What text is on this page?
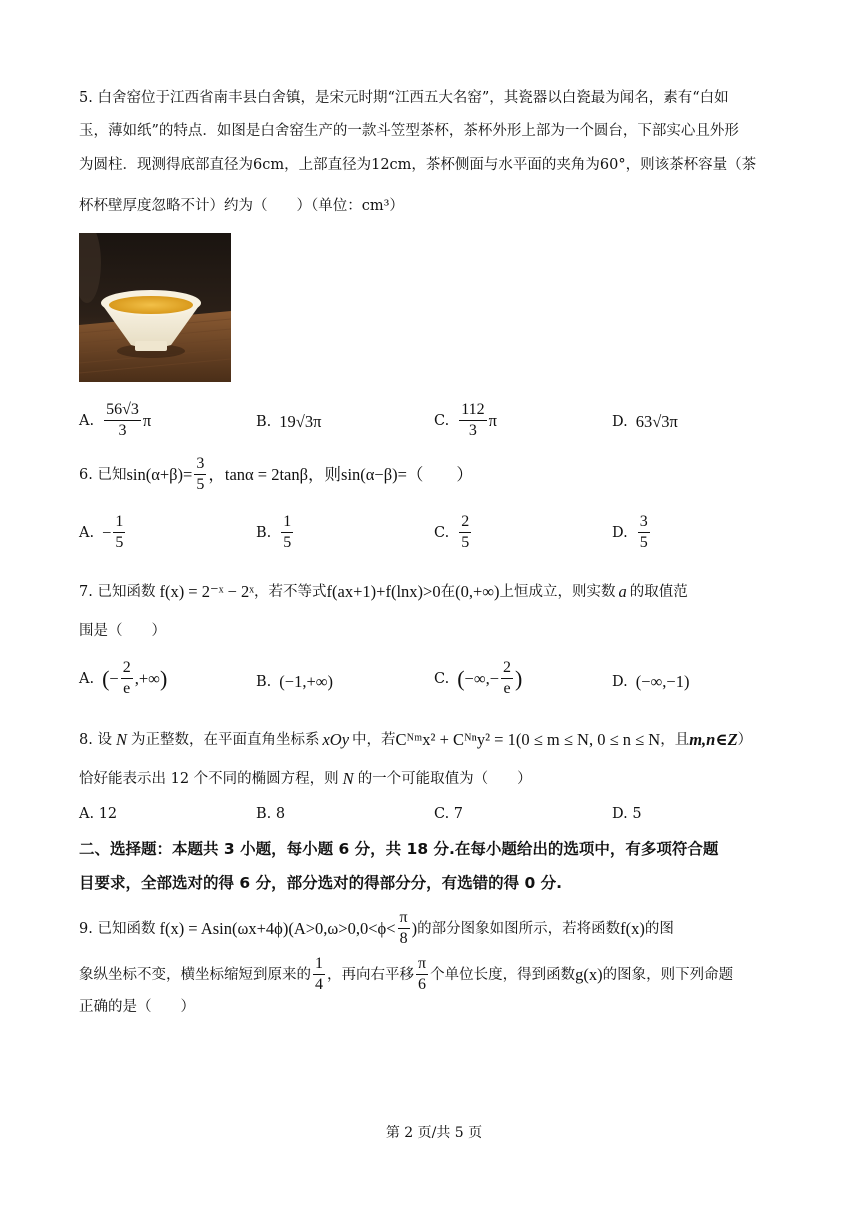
5. 白舍窑位于江西省南丰县白舍镇，是宋元时期“江西五大名窑”，其瓷器以白瓷最为闻名，素有“白如
玉，薄如纸”的特点．如图是白舍窑生产的一款斗笠型茶杯，茶杯外形上部为一个圆台，下部实心且外形
为圆柱．现测得底部直径为6cm，上部直径为12cm，茶杯侧面与水平面的夹角为60°，则该茶杯容量（茶
杯杯壁厚度忽略不计）约为（　　）（单位：cm³）
A. $\frac{56√3}{3}$ π	B. 19√3π	C. $\frac{112}{3}$ π	D. 63√3π
6. 已知 $\sin(\alpha+\beta)= \frac{3}{5}$ ，tanα = 2tanβ，则 sin(α−β)=（　　）
A. − $\frac{1}{5}$	B. $\frac{1}{5}$	C. $\frac{2}{5}$	D. $\frac{3}{5}$
7. 已知函数 f(x) = 2⁻ˣ − 2ˣ ，若不等式 f(ax+1)+f(lnx)>0 在 (0,+∞) 上恒成立，则实数 a 的取值范
围是（　　）
A. ( − $\frac{2}{e}$ ,+∞ )	B. (−1,+∞)	C. ( −∞,− $\frac{2}{e}$ )	D. (−∞,−1)
8. 设 N 为正整数，在平面直角坐标系 xOy 中，若 Cᴺᵐx² + Cᴺⁿy² = 1(0 ≤ m ≤ N, 0 ≤ n ≤ N ，且 m,n∈Z ）
恰好能表示出 12 个不同的椭圆方程，则 N 的一个可能取值为（　　）
A. 12	B. 8	C. 7	D. 5
二、选择题：本题共 3 小题，每小题 6 分，共 18 分.在每小题给出的选项中，有多项符合题
目要求，全部选对的得 6 分，部分选对的得部分分，有选错的得 0 分.
9. 已知函数 $f(x) = Asin(\omega x+4\phi)(A>0,\omega>0,0<\phi< \frac{\pi}{8}$ ) 的部分图象如图所示，若将函数 f(x) 的图
象纵坐标不变，横坐标缩短到原来的 $\frac{1}{4}$ ，再向右平移 $\frac{\pi}{6}$ 个单位长度，得到函数 g(x) 的图象，则下列命题
正确的是（　　）
第 2 页/共 5 页
